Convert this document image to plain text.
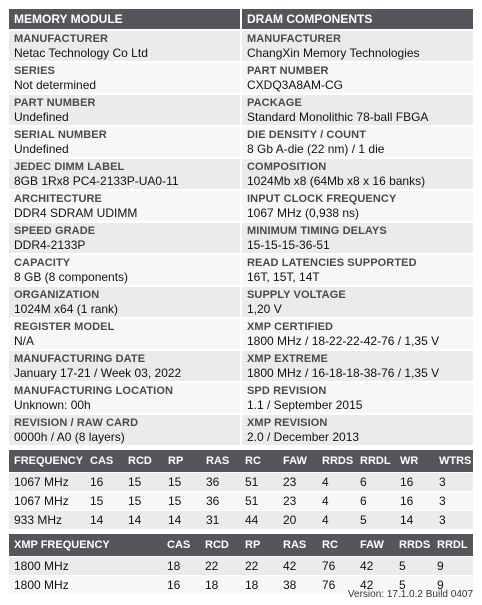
MEMORY MODULE
MANUFACTURER
Netac Technology Co Ltd
SERIES
Not determined
PART NUMBER
Undefined
SERIAL NUMBER
Undefined
JEDEC DIMM LABEL
8GB 1Rx8 PC4-2133P-UA0-11
ARCHITECTURE
DDR4 SDRAM UDIMM
SPEED GRADE
DDR4-2133P
CAPACITY
8 GB (8 components)
ORGANIZATION
1024M x64 (1 rank)
REGISTER MODEL
N/A
MANUFACTURING DATE
January 17-21 / Week 03, 2022
MANUFACTURING LOCATION
Unknown: 00h
REVISION / RAW CARD
0000h / A0 (8 layers)
DRAM COMPONENTS
MANUFACTURER
ChangXin Memory Technologies
PART NUMBER
CXDQ3A8AM-CG
PACKAGE
Standard Monolithic 78-ball FBGA
DIE DENSITY / COUNT
8 Gb A-die (22 nm) / 1 die
COMPOSITION
1024Mb x8 (64Mb x8 x 16 banks)
INPUT CLOCK FREQUENCY
1067 MHz (0,938 ns)
MINIMUM TIMING DELAYS
15-15-15-36-51
READ LATENCIES SUPPORTED
16T, 15T, 14T
SUPPLY VOLTAGE
1,20 V
XMP CERTIFIED
1800 MHz / 18-22-22-42-76 / 1,35 V
XMP EXTREME
1800 MHz / 16-18-18-38-76 / 1,35 V
SPD REVISION
1.1 / September 2015
XMP REVISION
2.0 / December 2013
FREQUENCY	CAS	RCD	RP	RAS	RC	FAW	RRDS	RRDL	WR	WTRS
1067 MHz	16	15	15	36	51	23	4	6	16	3
1067 MHz	15	15	15	36	51	23	4	6	16	3
933 MHz	14	14	14	31	44	20	4	5	14	3
XMP FREQUENCY	CAS	RCD	RP	RAS	RC	FAW	RRDS	RRDL
1800 MHz	18	22	22	42	76	42	5	9
1800 MHz	16	18	18	38	76	42	5	9
Version: 17.1.0.2 Build 0407
